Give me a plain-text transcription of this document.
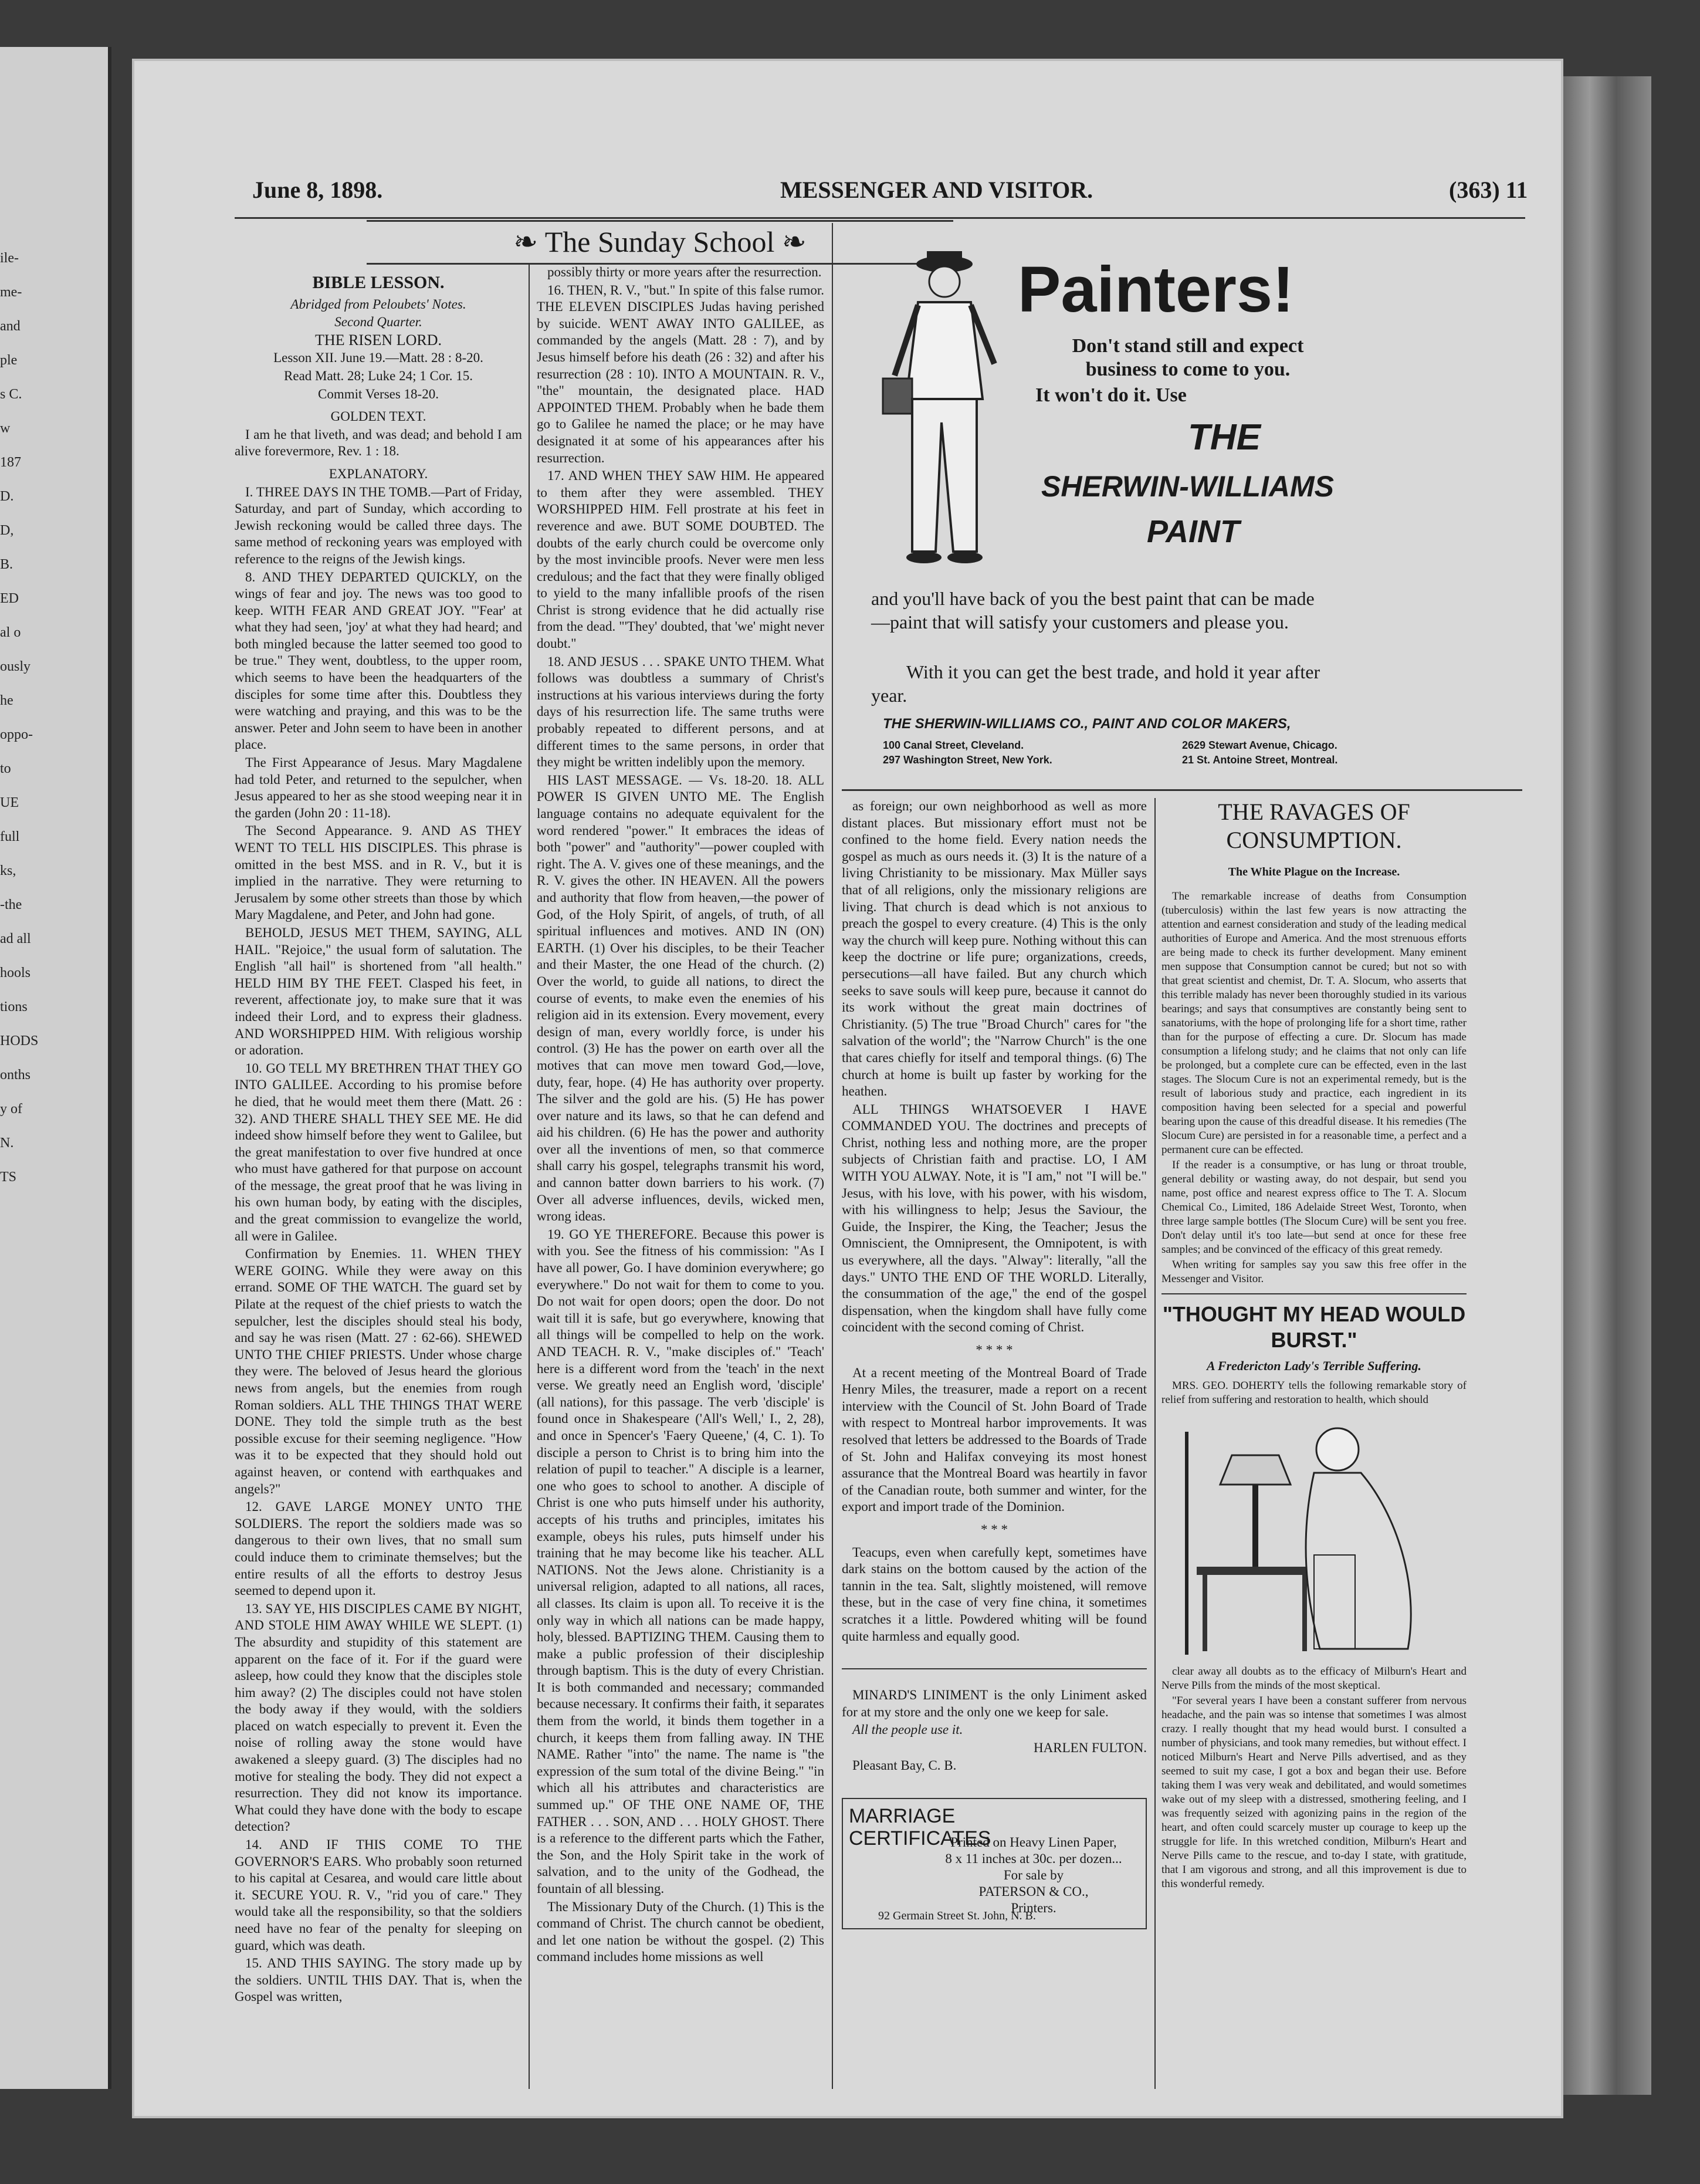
ile-
me-
and
ple
s C.
w
187
D.
D,
B.
ED
al o
ously
he
oppo-
to
UE
full
ks,
-the
ad all
hools
tions
HODS
onths
y of
N.
TS
June 8, 1898.	MESSENGER AND VISITOR.	(363) 11
❧ The Sunday School ❧

BIBLE LESSON.

Abridged from Peloubets' Notes.

Second Quarter.

THE RISEN LORD.

Lesson XII. June 19.—Matt. 28 : 8-20.

Read Matt. 28; Luke 24; 1 Cor. 15.

Commit Verses 18-20.

GOLDEN TEXT.

I am he that liveth, and was dead; and behold I am alive forevermore, Rev. 1 : 18.

EXPLANATORY.

I. THREE DAYS IN THE TOMB.—Part of Friday, Saturday, and part of Sunday, which according to Jewish reckoning would be called three days. The same method of reckoning years was employed with reference to the reigns of the Jewish kings.

8. AND THEY DEPARTED QUICKLY, on the wings of fear and joy. The news was too good to keep. WITH FEAR AND GREAT JOY. "'Fear' at what they had seen, 'joy' at what they had heard; and both mingled because the latter seemed too good to be true." They went, doubtless, to the upper room, which seems to have been the headquarters of the disciples for some time after this. Doubtless they were watching and praying, and this was to be the answer. Peter and John seem to have been in another place.

The First Appearance of Jesus. Mary Magdalene had told Peter, and returned to the sepulcher, when Jesus appeared to her as she stood weeping near it in the garden (John 20 : 11-18).

The Second Appearance. 9. AND AS THEY WENT TO TELL HIS DISCIPLES. This phrase is omitted in the best MSS. and in R. V., but it is implied in the narrative. They were returning to Jerusalem by some other streets than those by which Mary Magdalene, and Peter, and John had gone.

BEHOLD, JESUS MET THEM, SAYING, ALL HAIL. "Rejoice," the usual form of salutation. The English "all hail" is shortened from "all health." HELD HIM BY THE FEET. Clasped his feet, in reverent, affectionate joy, to make sure that it was indeed their Lord, and to express their gladness. AND WORSHIPPED HIM. With religious worship or adoration.

10. GO TELL MY BRETHREN THAT THEY GO INTO GALILEE. According to his promise before he died, that he would meet them there (Matt. 26 : 32). AND THERE SHALL THEY SEE ME. He did indeed show himself before they went to Galilee, but the great manifestation to over five hundred at once who must have gathered for that purpose on account of the message, the great proof that he was living in his own human body, by eating with the disciples, and the great commission to evangelize the world, all were in Galilee.

Confirmation by Enemies. 11. WHEN THEY WERE GOING. While they were away on this errand. SOME OF THE WATCH. The guard set by Pilate at the request of the chief priests to watch the sepulcher, lest the disciples should steal his body, and say he was risen (Matt. 27 : 62-66). SHEWED UNTO THE CHIEF PRIESTS. Under whose charge they were. The beloved of Jesus heard the glorious news from angels, but the enemies from rough Roman soldiers. ALL THE THINGS THAT WERE DONE. They told the simple truth as the best possible excuse for their seeming negligence. "How was it to be expected that they should hold out against heaven, or contend with earthquakes and angels?"

12. GAVE LARGE MONEY UNTO THE SOLDIERS. The report the soldiers made was so dangerous to their own lives, that no small sum could induce them to criminate themselves; but the entire results of all the efforts to destroy Jesus seemed to depend upon it.

13. SAY YE, HIS DISCIPLES CAME BY NIGHT, AND STOLE HIM AWAY WHILE WE SLEPT. (1) The absurdity and stupidity of this statement are apparent on the face of it. For if the guard were asleep, how could they know that the disciples stole him away? (2) The disciples could not have stolen the body away if they would, with the soldiers placed on watch especially to prevent it. Even the noise of rolling away the stone would have awakened a sleepy guard. (3) The disciples had no motive for stealing the body. They did not expect a resurrection. They did not know its importance. What could they have done with the body to escape detection?

14. AND IF THIS COME TO THE GOVERNOR'S EARS. Who probably soon returned to his capital at Cesarea, and would care little about it. SECURE YOU. R. V., "rid you of care." They would take all the responsibility, so that the soldiers need have no fear of the penalty for sleeping on guard, which was death.

15. AND THIS SAYING. The story made up by the soldiers. UNTIL THIS DAY. That is, when the Gospel was written,

possibly thirty or more years after the resurrection.

16. THEN, R. V., "but." In spite of this false rumor. THE ELEVEN DISCIPLES Judas having perished by suicide. WENT AWAY INTO GALILEE, as commanded by the angels (Matt. 28 : 7), and by Jesus himself before his death (26 : 32) and after his resurrection (28 : 10). INTO A MOUNTAIN. R. V., "the" mountain, the designated place. HAD APPOINTED THEM. Probably when he bade them go to Galilee he named the place; or he may have designated it at some of his appearances after his resurrection.

17. AND WHEN THEY SAW HIM. He appeared to them after they were assembled. THEY WORSHIPPED HIM. Fell prostrate at his feet in reverence and awe. BUT SOME DOUBTED. The doubts of the early church could be overcome only by the most invincible proofs. Never were men less credulous; and the fact that they were finally obliged to yield to the many infallible proofs of the risen Christ is strong evidence that he did actually rise from the dead. "'They' doubted, that 'we' might never doubt."

18. AND JESUS . . . SPAKE UNTO THEM. What follows was doubtless a summary of Christ's instructions at his various interviews during the forty days of his resurrection life. The same truths were probably repeated to different persons, and at different times to the same persons, in order that they might be written indelibly upon the memory.

HIS LAST MESSAGE. — Vs. 18-20. 18. ALL POWER IS GIVEN UNTO ME. The English language contains no adequate equivalent for the word rendered "power." It embraces the ideas of both "power" and "authority"—power coupled with right. The A. V. gives one of these meanings, and the R. V. gives the other. IN HEAVEN. All the powers and authority that flow from heaven,—the power of God, of the Holy Spirit, of angels, of truth, of all spiritual influences and motives. AND IN (ON) EARTH. (1) Over his disciples, to be their Teacher and their Master, the one Head of the church. (2) Over the world, to guide all nations, to direct the course of events, to make even the enemies of his religion aid in its extension. Every movement, every design of man, every worldly force, is under his control. (3) He has the power on earth over all the motives that can move men toward God,—love, duty, fear, hope. (4) He has authority over property. The silver and the gold are his. (5) He has power over nature and its laws, so that he can defend and aid his children. (6) He has the power and authority over all the inventions of men, so that commerce shall carry his gospel, telegraphs transmit his word, and cannon batter down barriers to his work. (7) Over all adverse influences, devils, wicked men, wrong ideas.

19. GO YE THEREFORE. Because this power is with you. See the fitness of his commission: "As I have all power, Go. I have dominion everywhere; go everywhere." Do not wait for them to come to you. Do not wait for open doors; open the door. Do not wait till it is safe, but go everywhere, knowing that all things will be compelled to help on the work. AND TEACH. R. V., "make disciples of." 'Teach' here is a different word from the 'teach' in the next verse. We greatly need an English word, 'disciple' (all nations), for this passage. The verb 'disciple' is found once in Shakespeare ('All's Well,' I., 2, 28), and once in Spencer's 'Faery Queene,' (4, C. 1). To disciple a person to Christ is to bring him into the relation of pupil to teacher." A disciple is a learner, one who goes to school to another. A disciple of Christ is one who puts himself under his authority, accepts of his truths and principles, imitates his example, obeys his rules, puts himself under his training that he may become like his teacher. ALL NATIONS. Not the Jews alone. Christianity is a universal religion, adapted to all nations, all races, all classes. Its claim is upon all. To receive it is the only way in which all nations can be made happy, holy, blessed. BAPTIZING THEM. Causing them to make a public profession of their discipleship through baptism. This is the duty of every Christian. It is both commanded and necessary; commanded because necessary. It confirms their faith, it separates them from the world, it binds them together in a church, it keeps them from falling away. IN THE NAME. Rather "into" the name. The name is "the expression of the sum total of the divine Being." "in which all his attributes and characteristics are summed up." OF THE ONE NAME OF, THE FATHER . . . SON, AND . . . HOLY GHOST. There is a reference to the different parts which the Father, the Son, and the Holy Spirit take in the work of salvation, and to the unity of the Godhead, the fountain of all blessing.

The Missionary Duty of the Church. (1) This is the command of Christ. The church cannot be obedient, and let one nation be without the gospel. (2) This command includes home missions as well

Painters!
Don't stand still and expect business to come to you.
It won't do it. Use
THE
SHERWIN-WILLIAMS
PAINT
and you'll have back of you the best paint that can be made—paint that will satisfy your customers and please you.
With it you can get the best trade, and hold it year after year.
THE SHERWIN-WILLIAMS CO., PAINT AND COLOR MAKERS,
100 Canal Street, Cleveland.	2629 Stewart Avenue, Chicago.
297 Washington Street, New York.	21 St. Antoine Street, Montreal.

as foreign; our own neighborhood as well as more distant places. But missionary effort must not be confined to the home field. Every nation needs the gospel as much as ours needs it. (3) It is the nature of a living Christianity to be missionary. Max Müller says that of all religions, only the missionary religions are living. That church is dead which is not anxious to preach the gospel to every creature. (4) This is the only way the church will keep pure. Nothing without this can keep the doctrine or life pure; organizations, creeds, persecutions—all have failed. But any church which seeks to save souls will keep pure, because it cannot do its work without the great main doctrines of Christianity. (5) The true "Broad Church" cares for "the salvation of the world"; the "Narrow Church" is the one that cares chiefly for itself and temporal things. (6) The church at home is built up faster by working for the heathen.

ALL THINGS WHATSOEVER I HAVE COMMANDED YOU. The doctrines and precepts of Christ, nothing less and nothing more, are the proper subjects of Christian faith and practise. LO, I AM WITH YOU ALWAY. Note, it is "I am," not "I will be." Jesus, with his love, with his power, with his wisdom, with his willingness to help; Jesus the Saviour, the Guide, the Inspirer, the King, the Teacher; Jesus the Omniscient, the Omnipresent, the Omnipotent, is with us everywhere, all the days. "Alway": literally, "all the days." UNTO THE END OF THE WORLD. Literally, the consummation of the age," the end of the gospel dispensation, when the kingdom shall have fully come coincident with the second coming of Christ.

* * * *

At a recent meeting of the Montreal Board of Trade Henry Miles, the treasurer, made a report on a recent interview with the Council of St. John Board of Trade with respect to Montreal harbor improvements. It was resolved that letters be addressed to the Boards of Trade of St. John and Halifax conveying its most honest assurance that the Montreal Board was heartily in favor of the Canadian route, both summer and winter, for the export and import trade of the Dominion.

* * *

Teacups, even when carefully kept, sometimes have dark stains on the bottom caused by the action of the tannin in the tea. Salt, slightly moistened, will remove these, but in the case of very fine china, it sometimes scratches it a little. Powdered whiting will be found quite harmless and equally good.

MINARD'S LINIMENT is the only Liniment asked for at my store and the only one we keep for sale.

All the people use it.

HARLEN FULTON.

Pleasant Bay, C. B.

MARRIAGE CERTIFICATES
Printed on Heavy Linen Paper,
8 x 11 inches at 30c. per dozen...
For sale by
PATERSON & CO.,
Printers.
92 Germain Street St. John, N. B.
THE RAVAGES OF CONSUMPTION.

The White Plague on the Increase.

The remarkable increase of deaths from Consumption (tuberculosis) within the last few years is now attracting the attention and earnest consideration and study of the leading medical authorities of Europe and America. And the most strenuous efforts are being made to check its further development. Many eminent men suppose that Consumption cannot be cured; but not so with that great scientist and chemist, Dr. T. A. Slocum, who asserts that this terrible malady has never been thoroughly studied in its various bearings; and says that consumptives are constantly being sent to sanatoriums, with the hope of prolonging life for a short time, rather than for the purpose of effecting a cure. Dr. Slocum has made consumption a lifelong study; and he claims that not only can life be prolonged, but a complete cure can be effected, even in the last stages. The Slocum Cure is not an experimental remedy, but is the result of laborious study and practice, each ingredient in its composition having been selected for a special and powerful bearing upon the cause of this dreadful disease. It his remedies (The Slocum Cure) are persisted in for a reasonable time, a perfect and a permanent cure can be effected.

If the reader is a consumptive, or has lung or throat trouble, general debility or wasting away, do not despair, but send you name, post office and nearest express office to The T. A. Slocum Chemical Co., Limited, 186 Adelaide Street West, Toronto, when three large sample bottles (The Slocum Cure) will be sent you free. Don't delay until it's too late—but send at once for these free samples; and be convinced of the efficacy of this great remedy.

When writing for samples say you saw this free offer in the Messenger and Visitor.

"THOUGHT MY HEAD WOULD BURST."

A Fredericton Lady's Terrible Suffering.

MRS. GEO. DOHERTY tells the following remarkable story of relief from suffering and restoration to health, which should

clear away all doubts as to the efficacy of Milburn's Heart and Nerve Pills from the minds of the most skeptical.

"For several years I have been a constant sufferer from nervous headache, and the pain was so intense that sometimes I was almost crazy. I really thought that my head would burst. I consulted a number of physicians, and took many remedies, but without effect. I noticed Milburn's Heart and Nerve Pills advertised, and as they seemed to suit my case, I got a box and began their use. Before taking them I was very weak and debilitated, and would sometimes wake out of my sleep with a distressed, smothering feeling, and I was frequently seized with agonizing pains in the region of the heart, and often could scarcely muster up courage to keep up the struggle for life. In this wretched condition, Milburn's Heart and Nerve Pills came to the rescue, and to-day I state, with gratitude, that I am vigorous and strong, and all this improvement is due to this wonderful remedy.
